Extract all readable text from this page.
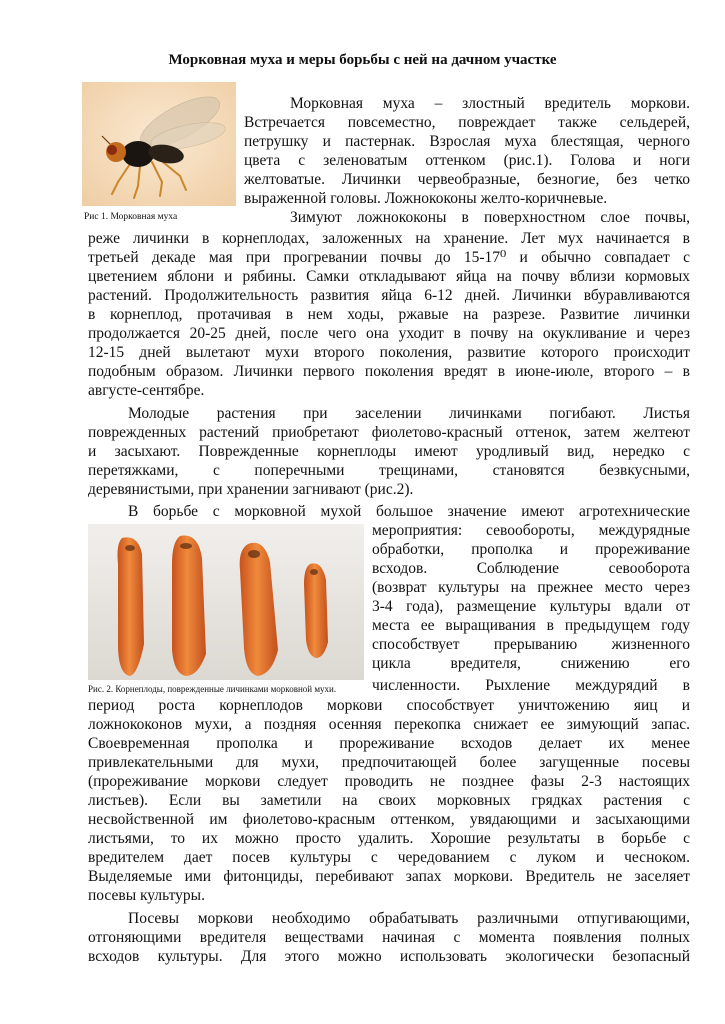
Морковная муха и меры борьбы с ней на дачном участке
Рис 1. Морковная муха
Рис. 2. Корнеплоды, поврежденные личинками морковной мухи.
Морковная муха – злостный вредитель моркови.
Встречается повсеместно, повреждает также сельдерей,
петрушку и пастернак. Взрослая муха блестящая, черного
цвета с зеленоватым оттенком (рис.1). Голова и ноги
желтоватые. Личинки червеобразные, безногие, без четко
выраженной головы. Ложнококоны желто-коричневые.
Зимуют ложнококоны в поверхностном слое почвы,
реже личинки в корнеплодах, заложенных на хранение. Лет мух начинается в
третьей декаде мая при прогревании почвы до 15-17⁰ и обычно совпадает с
цветением яблони и рябины. Самки откладывают яйца на почву вблизи кормовых
растений. Продолжительность развития яйца 6-12 дней. Личинки вбуравливаются
в корнеплод, протачивая в нем ходы, ржавые на разрезе. Развитие личинки
продолжается 20-25 дней, после чего она уходит в почву на окукливание и через
12-15 дней вылетают мухи второго поколения, развитие которого происходит
подобным образом. Личинки первого поколения вредят в июне-июле, второго – в
августе-сентябре.
Молодые растения при заселении личинками погибают. Листья
поврежденных растений приобретают фиолетово-красный оттенок, затем желтеют
и засыхают. Поврежденные корнеплоды имеют уродливый вид, нередко с
перетяжками, с поперечными трещинами, становятся безвкусными,
деревянистыми, при хранении загнивают (рис.2).
В борьбе с морковной мухой большое значение имеют агротехнические
мероприятия: севообороты, междурядные
обработки, прополка и прореживание
всходов. Соблюдение севооборота
(возврат культуры на прежнее место через
3-4 года), размещение культуры вдали от
места ее выращивания в предыдущем году
способствует прерыванию жизненного
цикла вредителя, снижению его
численности. Рыхление междурядий в
период роста корнеплодов моркови способствует уничтожению яиц и
ложнококонов мухи, а поздняя осенняя перекопка снижает ее зимующий запас.
Своевременная прополка и прореживание всходов делает их менее
привлекательными для мухи, предпочитающей более загущенные посевы
(прореживание моркови следует проводить не позднее фазы 2-3 настоящих
листьев). Если вы заметили на своих морковных грядках растения с
несвойственной им фиолетово-красным оттенком, увядающими и засыхающими
листьями, то их можно просто удалить. Хорошие результаты в борьбе с
вредителем дает посев культуры с чередованием с луком и чесноком.
Выделяемые ими фитонциды, перебивают запах моркови. Вредитель не заселяет
посевы культуры.
Посевы моркови необходимо обрабатывать различными отпугивающими,
отгоняющими вредителя веществами начиная с момента появления полных
всходов культуры. Для этого можно использовать экологически безопасный
